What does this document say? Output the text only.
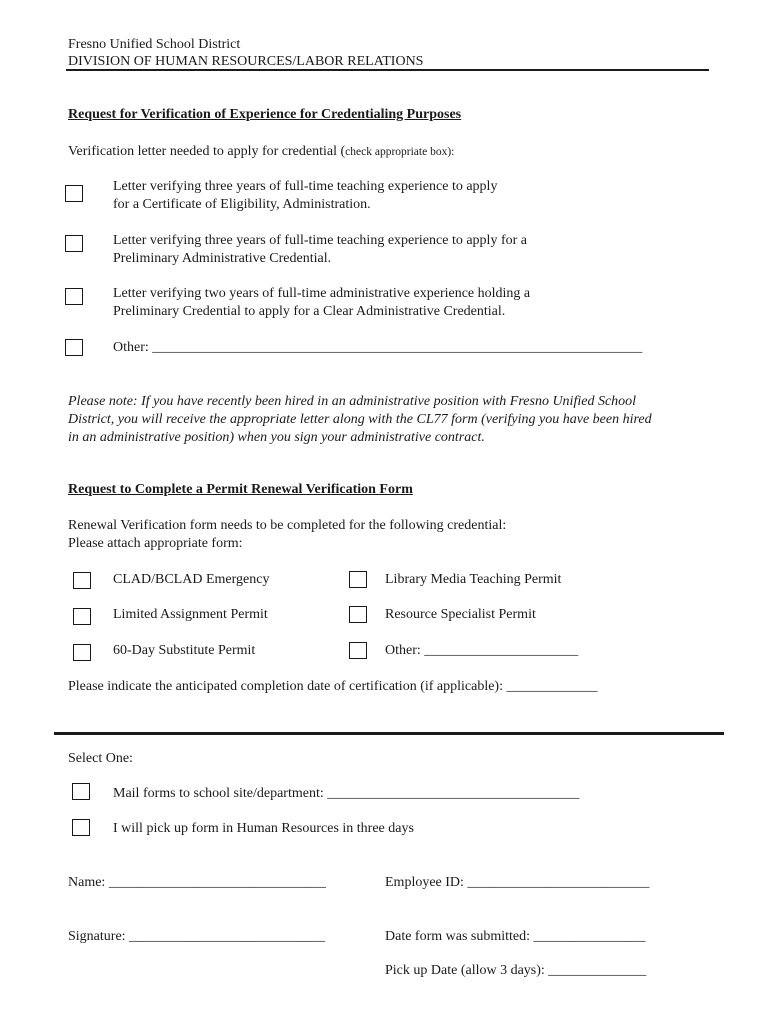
Fresno Unified School District
DIVISION OF HUMAN RESOURCES/LABOR RELATIONS
Request for Verification of Experience for Credentialing Purposes
Verification letter needed to apply for credential (check appropriate box):
Letter verifying three years of full-time teaching experience to apply
for a Certificate of Eligibility, Administration.
Letter verifying three years of full-time teaching experience to apply for a
Preliminary Administrative Credential.
Letter verifying two years of full-time administrative experience holding a
Preliminary Credential to apply for a Clear Administrative Credential.
Other: ______________________________________________________________________
Please note: If you have recently been hired in an administrative position with Fresno Unified School
District, you will receive the appropriate letter along with the CL77 form (verifying you have been hired
in an administrative position) when you sign your administrative contract.
Request to Complete a Permit Renewal Verification Form
Renewal Verification form needs to be completed for the following credential:
Please attach appropriate form:
CLAD/BCLAD Emergency	Library Media Teaching Permit
Limited Assignment Permit	Resource Specialist Permit
60-Day Substitute Permit	Other: ______________________
Please indicate the anticipated completion date of certification (if applicable): _____________
Select One:
Mail forms to school site/department: ____________________________________
I will pick up form in Human Resources in three days
Name: _______________________________	Employee ID: __________________________
Signature: ____________________________	Date form was submitted: ________________
Pick up Date (allow 3 days): ______________
